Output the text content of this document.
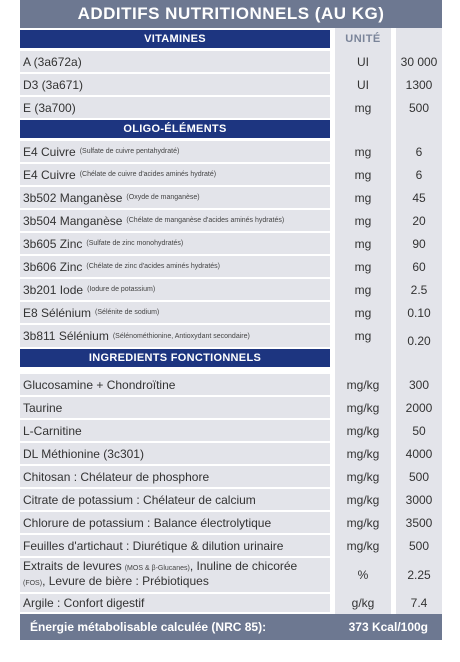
ADDITIFS NUTRITIONNELS (AU KG)
VITAMINES	UNITÉ
A (3a672a)	UI	30 000
D3 (3a671)	UI	1300
E (3a700)	mg	500
OLIGO-ÉLÉMENTS
E4 Cuivre (Sulfate de cuivre pentahydraté)	mg	6
E4 Cuivre (Chélate de cuivre d'acides aminés hydraté)	mg	6
3b502 Manganèse (Oxyde de manganèse)	mg	45
3b504 Manganèse (Chélate de manganèse d'acides aminés hydratés)	mg	20
3b605 Zinc (Sulfate de zinc monohydratés)	mg	90
3b606 Zinc (Chélate de zinc d'acides aminés hydratés)	mg	60
3b201 Iode (Iodure de potassium)	mg	2.5
E8 Sélénium (Sélénite de sodium)	mg	0.10
3b811 Sélénium (Sélénométhionine, Antioxydant secondaire)	mg	0.20
INGREDIENTS FONCTIONNELS
Glucosamine + Chondroïtine	mg/kg	300
Taurine	mg/kg	2000
L-Carnitine	mg/kg	50
DL Méthionine (3c301)	mg/kg	4000
Chitosan : Chélateur de phosphore	mg/kg	500
Citrate de potassium : Chélateur de calcium	mg/kg	3000
Chlorure de potassium : Balance électrolytique	mg/kg	3500
Feuilles d'artichaut : Diurétique & dilution urinaire	mg/kg	500
Extraits de levures (MOS & β-Glucanes), Inuline de chicorée
(FOS), Levure de bière : Prébiotiques	%	2.25
Argile : Confort digestif	g/kg	7.4
Énergie métabolisable calculée (NRC 85):	373 Kcal/100g
